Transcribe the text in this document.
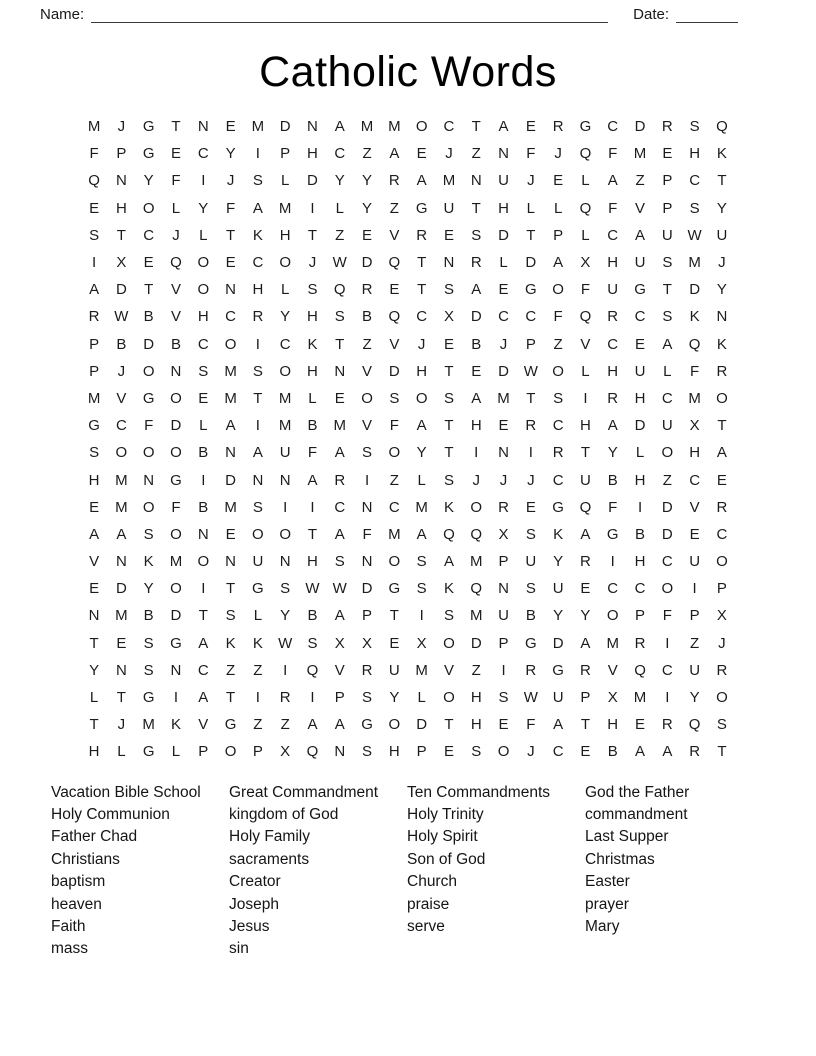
Name:	Date:
Catholic Words
M	J	G	T	N	E	M	D	N	A	M M	O	C	T	A	E	R	G	C	D	R	S	Q
F	P	G	E	C	Y	I	P	H	C	Z	A	E	J	Z	N	F	J	Q	F	M	E	H	K
Q	N	Y	F	I	J	S	L	D	Y	Y	R	A	M	N	U	J	E	L	A	Z	P	C	T
E	H	O	L	Y	F	A	M	I	L	Y	Z	G	U	T	H	L	L	Q	F	V	P	S	Y
S	T	C	J	L	T	K	H	T	Z	E	V	R	E	S	D	T	P	L	C	A	U W U
I	X	E	Q	O	E	C	O	J	W D	Q	T	N	R	L	D	A	X	H	U	S	M	J
A	D	T	V	O	N	H	L	S	Q	R	E	T	S	A	E	G	O	F	U	G	T	D	Y
R W	B	V	H	C	R	Y	H	S	B	Q	C	X	D	C	C	F	Q	R	C	S	K	N
P	B	D	B	C	O	I	C	K	T	Z	V	J	E	B	J	P	Z	V	C	E	A	Q	K
P	J	O	N	S	M	S	O	H	N	V	D	H	T	E	D W O	L	H	U	L	F	R
M	V	G	O	E	M	T	M	L	E	O	S	O	S	A	M	T	S	I	R	H	C	M	O
G	C	F	D	L	A	I	M	B	M	V	F	A	T	H	E	R	C	H	A	D	U	X	T
S	O	O	O	B	N	A	U	F	A	S	O	Y	T	I	N	I	R	T	Y	L	O	H	A
H	M	N	G	I	D	N	N	A	R	I	Z	L	S	J	J	J	C	U	B	H	Z	C	E
E	M	O	F	B	M	S	I	I	C	N	C	M	K	O	R	E	G	Q	F	I	D	V	R
A	A	S	O	N	E	O	O	T	A	F	M	A	Q	Q	X	S	K	A	G	B	D	E	C
V	N	K	M	O	N	U	N	H	S	N	O	S	A	M	P	U	Y	R	I	H	C	U	O
E	D	Y	O	I	T	G	S	W W D	G	S	K	Q	N	S	U	E	C	C	O	I	P
N	M	B	D	T	S	L	Y	B	A	P	T	I	S	M	U	B	Y	Y	O	P	F	P	X
T	E	S	G	A	K	K	W	S	X	X	E	X	O	D	P	G	D	A	M	R	I	Z	J
Y	N	S	N	C	Z	Z	I	Q	V	R	U	M	V	Z	I	R	G	R	V	Q	C	U	R
L	T	G	I	A	T	I	R	I	P	S	Y	L	O	H	S	W U	P	X	M	I	Y	O
T	J	M	K	V	G	Z	Z	A	A	G	O	D	T	H	E	F	A	T	H	E	R	Q	S
H	L	G	L	P	O	P	X	Q	N	S	H	P	E	S	O	J	C	E	B	A	A	R	T
Vacation Bible School
Holy Communion
Father Chad
Christians
baptism
heaven
Faith
mass
Great Commandment
kingdom of God
Holy Family
sacraments
Creator
Joseph
Jesus
sin
Ten Commandments
Holy Trinity
Holy Spirit
Son of God
Church
praise
serve
God the Father
commandment
Last Supper
Christmas
Easter
prayer
Mary
